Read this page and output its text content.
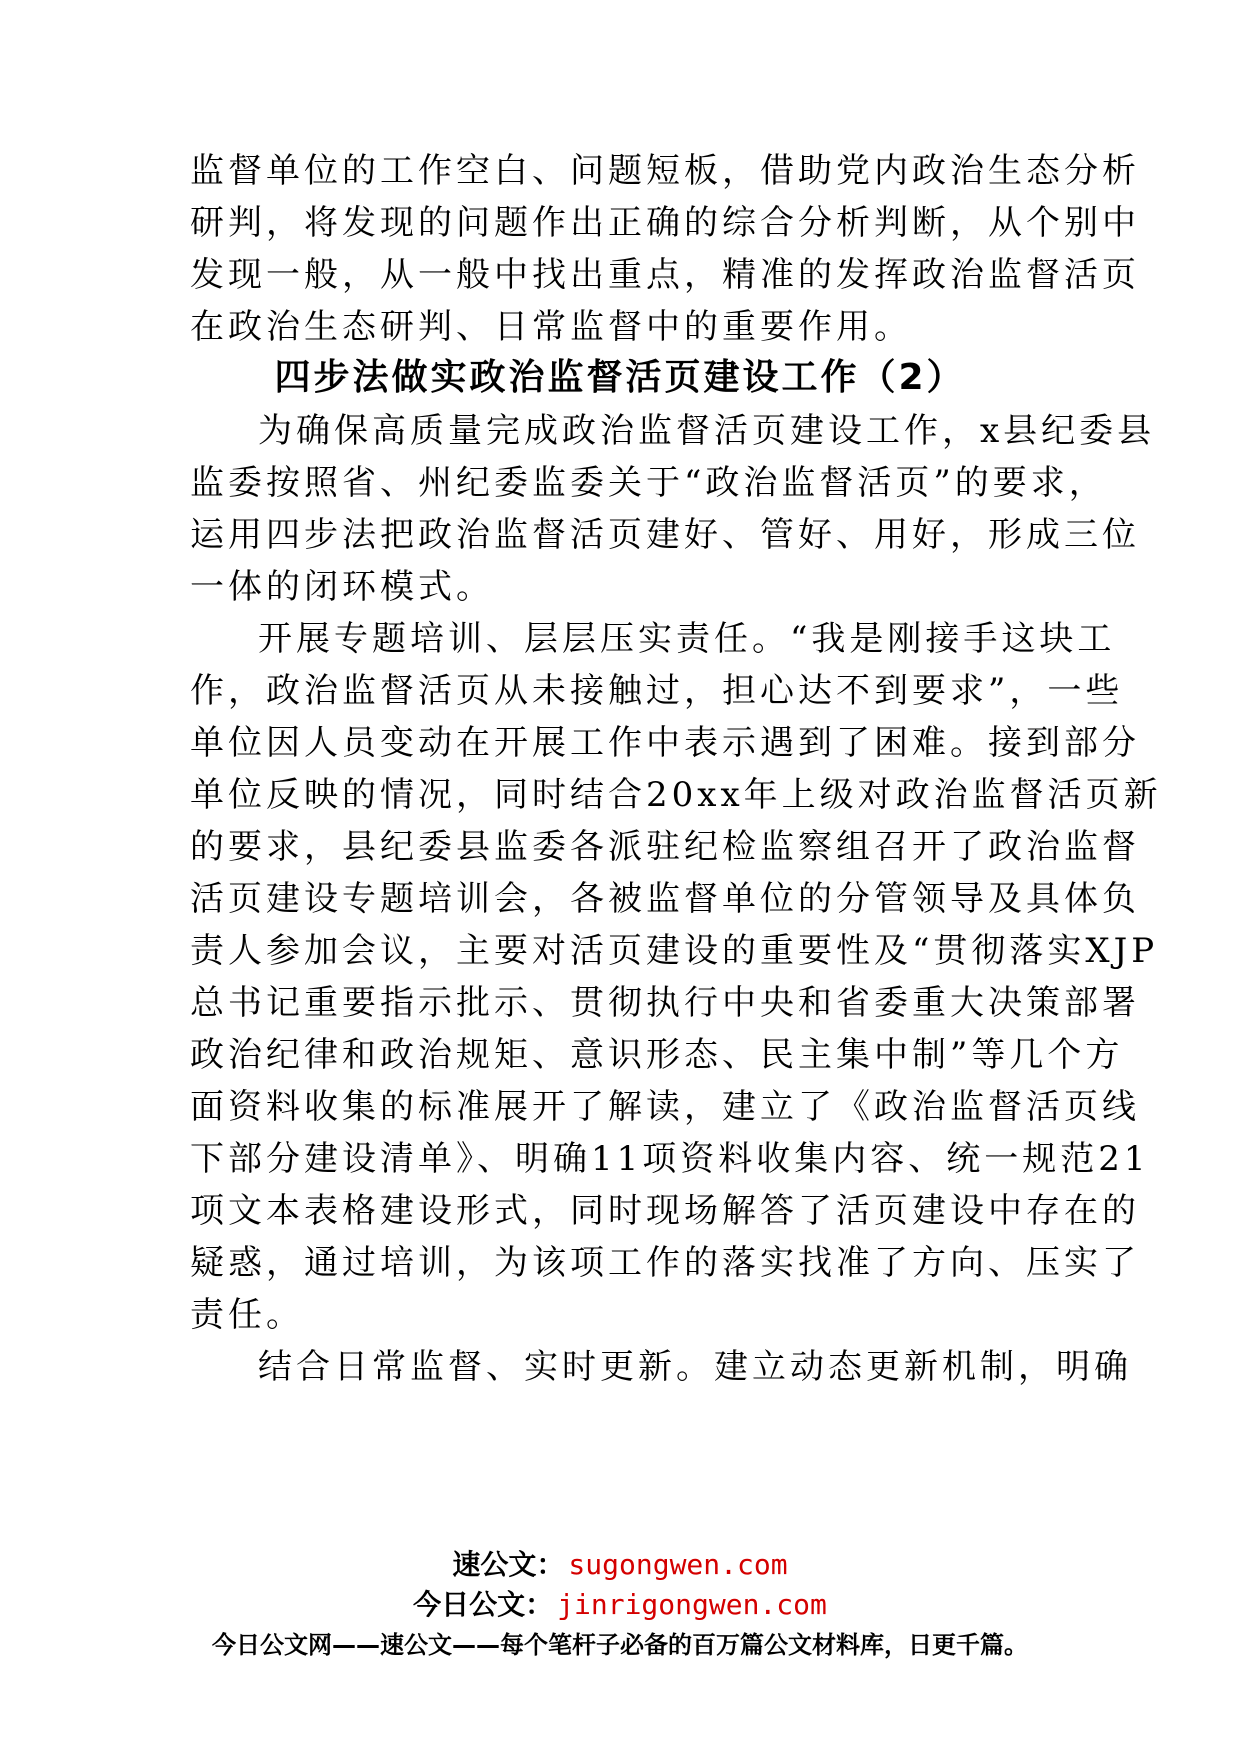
监督单位的工作空白、问题短板，借助党内政治生态分析
研判，将发现的问题作出正确的综合分析判断，从个别中
发现一般，从一般中找出重点，精准的发挥政治监督活页
在政治生态研判、日常监督中的重要作用。
四步法做实政治监督活页建设工作（2）
为确保高质量完成政治监督活页建设工作，x县纪委县
监委按照省、州纪委监委关于“政治监督活页”的要求，
运用四步法把政治监督活页建好、管好、用好，形成三位
一体的闭环模式。
开展专题培训、层层压实责任。“我是刚接手这块工
作，政治监督活页从未接触过，担心达不到要求”，一些
单位因人员变动在开展工作中表示遇到了困难。接到部分
单位反映的情况，同时结合20xx年上级对政治监督活页新
的要求，县纪委县监委各派驻纪检监察组召开了政治监督
活页建设专题培训会，各被监督单位的分管领导及具体负
责人参加会议，主要对活页建设的重要性及“贯彻落实XJP
总书记重要指示批示、贯彻执行中央和省委重大决策部署
政治纪律和政治规矩、意识形态、民主集中制”等几个方
面资料收集的标准展开了解读，建立了《政治监督活页线
下部分建设清单》、明确11项资料收集内容、统一规范21
项文本表格建设形式，同时现场解答了活页建设中存在的
疑惑，通过培训，为该项工作的落实找准了方向、压实了
责任。
结合日常监督、实时更新。建立动态更新机制，明确
速公文： sugongwen.com
今日公文： jinrigongwen.com
今日公文网——速公文——每个笔杆子必备的百万篇公文材料库，日更千篇。
